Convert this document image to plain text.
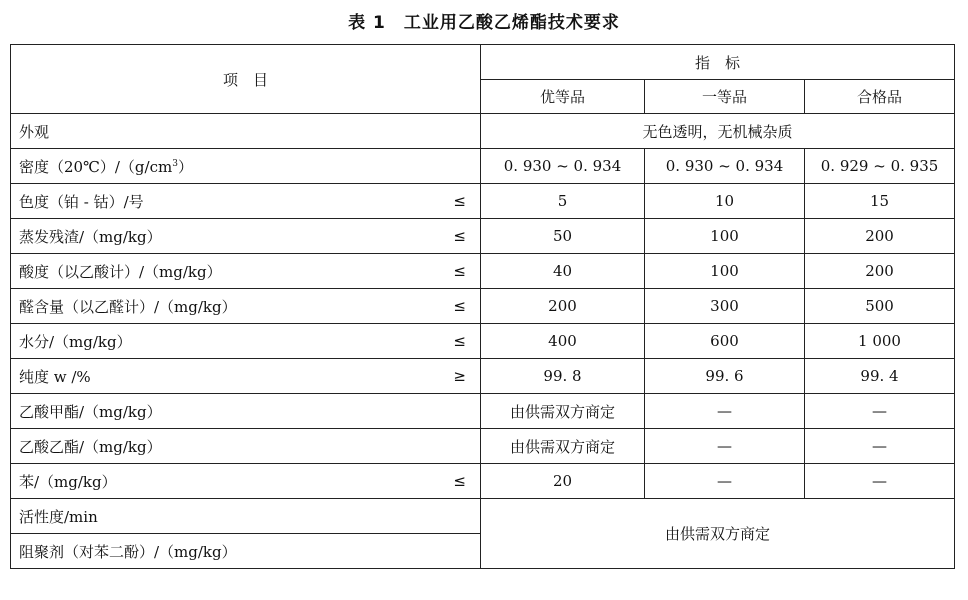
表 1 工业用乙酸乙烯酯技术要求
项　目	指　标		
	优等品	一等品	合格品
外观	无色透明，无机械杂质		
密度$(20℃)/(g/cm^3)$	0. 930 ~ 0. 934	0. 930 ~ 0. 934	0. 929 ~ 0. 935

色度（铂 - 钴）/号 ≤	5	10	15

蒸发残渣/（mg/kg） ≤	50	100	200

酸度（以乙酸计）/（mg/kg） ≤	40	100	200

醛含量（以乙醛计）/（mg/kg） ≤	200	300	500

水分/（mg/kg） ≤	400	600	1 000

纯度 w /% ≥	99. 8	99. 6	99. 4
乙酸甲酯/（mg/kg）	由供需双方商定	—	—
乙酸乙酯/（mg/kg）	由供需双方商定	—	—

苯/（mg/kg） ≤	20	—	—
活性度/min	由供需双方商定		
阻聚剂（对苯二酚）/（mg/kg）			
